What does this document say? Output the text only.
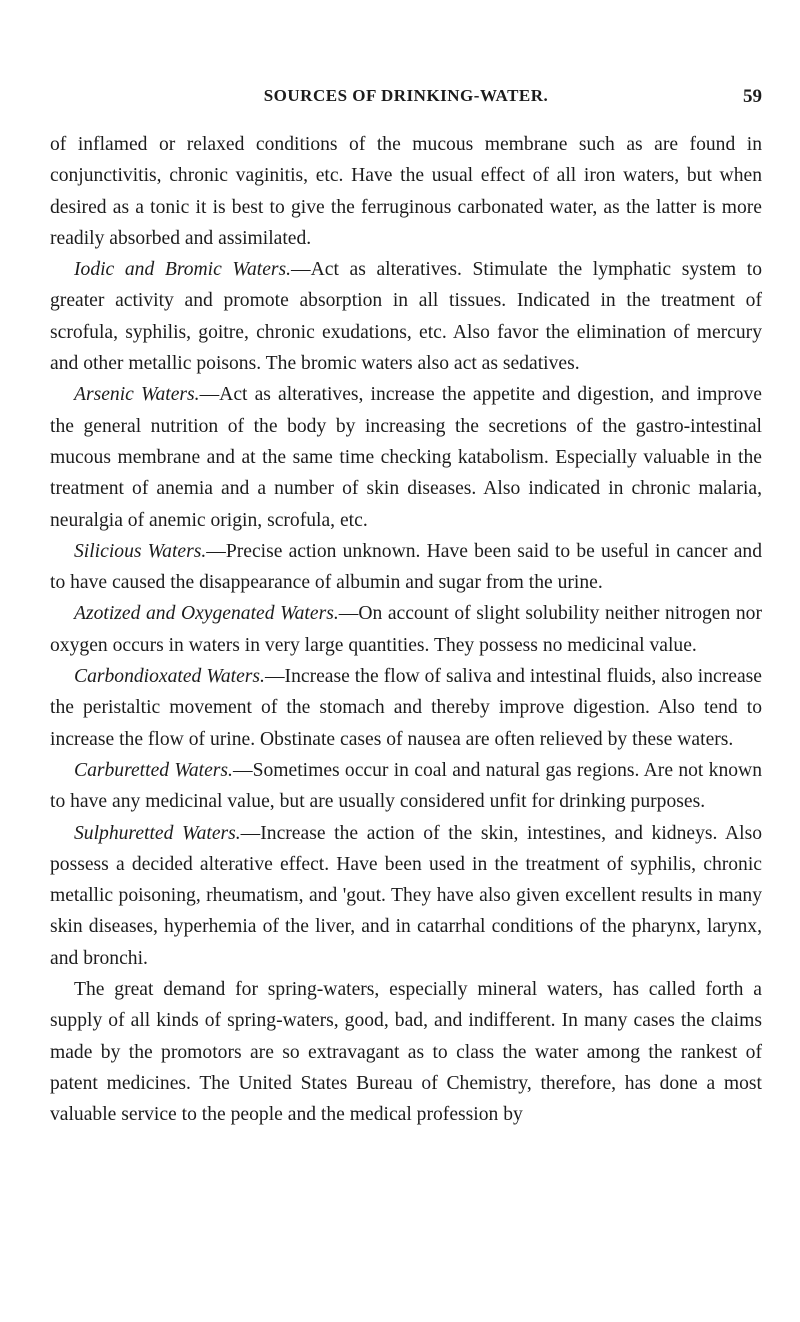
SOURCES OF DRINKING-WATER.	59

of inflamed or relaxed conditions of the mucous membrane such as are found in conjunctivitis, chronic vaginitis, etc. Have the usual effect of all iron waters, but when desired as a tonic it is best to give the ferruginous carbonated water, as the latter is more readily absorbed and assimilated.

Iodic and Bromic Waters.—Act as alteratives. Stimulate the lymphatic system to greater activity and promote absorption in all tissues. Indicated in the treatment of scrofula, syphilis, goitre, chronic exudations, etc. Also favor the elimination of mercury and other metallic poisons. The bromic waters also act as sedatives.

Arsenic Waters.—Act as alteratives, increase the appetite and digestion, and improve the general nutrition of the body by increasing the secretions of the gastro-intestinal mucous membrane and at the same time checking katabolism. Especially valuable in the treatment of anemia and a number of skin diseases. Also indicated in chronic malaria, neuralgia of anemic origin, scrofula, etc.

Silicious Waters.—Precise action unknown. Have been said to be useful in cancer and to have caused the disappearance of albumin and sugar from the urine.

Azotized and Oxygenated Waters.—On account of slight solubility neither nitrogen nor oxygen occurs in waters in very large quantities. They possess no medicinal value.

Carbondioxated Waters.—Increase the flow of saliva and intestinal fluids, also increase the peristaltic movement of the stomach and thereby improve digestion. Also tend to increase the flow of urine. Obstinate cases of nausea are often relieved by these waters.

Carburetted Waters.—Sometimes occur in coal and natural gas regions. Are not known to have any medicinal value, but are usually considered unfit for drinking purposes.

Sulphuretted Waters.—Increase the action of the skin, intestines, and kidneys. Also possess a decided alterative effect. Have been used in the treatment of syphilis, chronic metallic poisoning, rheumatism, and 'gout. They have also given excellent results in many skin diseases, hyperhemia of the liver, and in catarrhal conditions of the pharynx, larynx, and bronchi.

The great demand for spring-waters, especially mineral waters, has called forth a supply of all kinds of spring-waters, good, bad, and indifferent. In many cases the claims made by the promotors are so extravagant as to class the water among the rankest of patent medicines. The United States Bureau of Chemistry, therefore, has done a most valuable service to the people and the medical profession by
